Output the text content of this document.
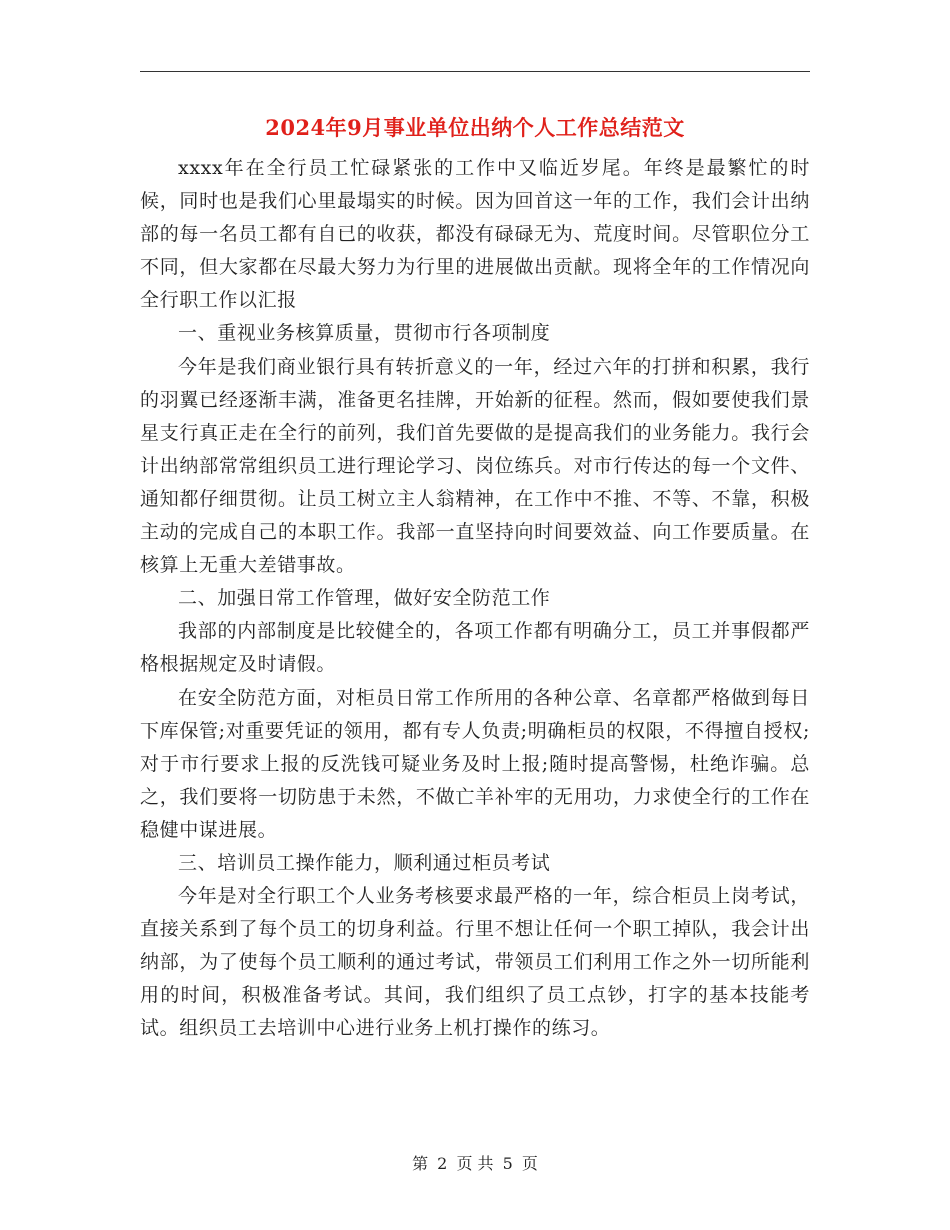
2024年9月事业单位出纳个人工作总结范文

xxxx年在全行员工忙碌紧张的工作中又临近岁尾。年终是最繁忙的时候，同时也是我们心里最塌实的时候。因为回首这一年的工作，我们会计出纳部的每一名员工都有自已的收获，都没有碌碌无为、荒度时间。尽管职位分工不同，但大家都在尽最大努力为行里的进展做出贡献。现将全年的工作情况向全行职工作以汇报

一、重视业务核算质量，贯彻市行各项制度

今年是我们商业银行具有转折意义的一年，经过六年的打拼和积累，我行的羽翼已经逐渐丰满，准备更名挂牌，开始新的征程。然而，假如要使我们景星支行真正走在全行的前列，我们首先要做的是提高我们的业务能力。我行会计出纳部常常组织员工进行理论学习、岗位练兵。对市行传达的每一个文件、通知都仔细贯彻。让员工树立主人翁精神，在工作中不推、不等、不靠，积极主动的完成自己的本职工作。我部一直坚持向时间要效益、向工作要质量。在核算上无重大差错事故。

二、加强日常工作管理，做好安全防范工作

我部的内部制度是比较健全的，各项工作都有明确分工，员工并事假都严格根据规定及时请假。

在安全防范方面，对柜员日常工作所用的各种公章、名章都严格做到每日下库保管;对重要凭证的领用，都有专人负责;明确柜员的权限，不得擅自授权;对于市行要求上报的反洗钱可疑业务及时上报;随时提高警惕，杜绝诈骗。总之，我们要将一切防患于未然，不做亡羊补牢的无用功，力求使全行的工作在稳健中谋进展。

三、培训员工操作能力，顺利通过柜员考试

今年是对全行职工个人业务考核要求最严格的一年，综合柜员上岗考试，直接关系到了每个员工的切身利益。行里不想让任何一个职工掉队，我会计出纳部，为了使每个员工顺利的通过考试，带领员工们利用工作之外一切所能利用的时间，积极准备考试。其间，我们组织了员工点钞，打字的基本技能考试。组织员工去培训中心进行业务上机打操作的练习。

第 2 页 共 5 页
